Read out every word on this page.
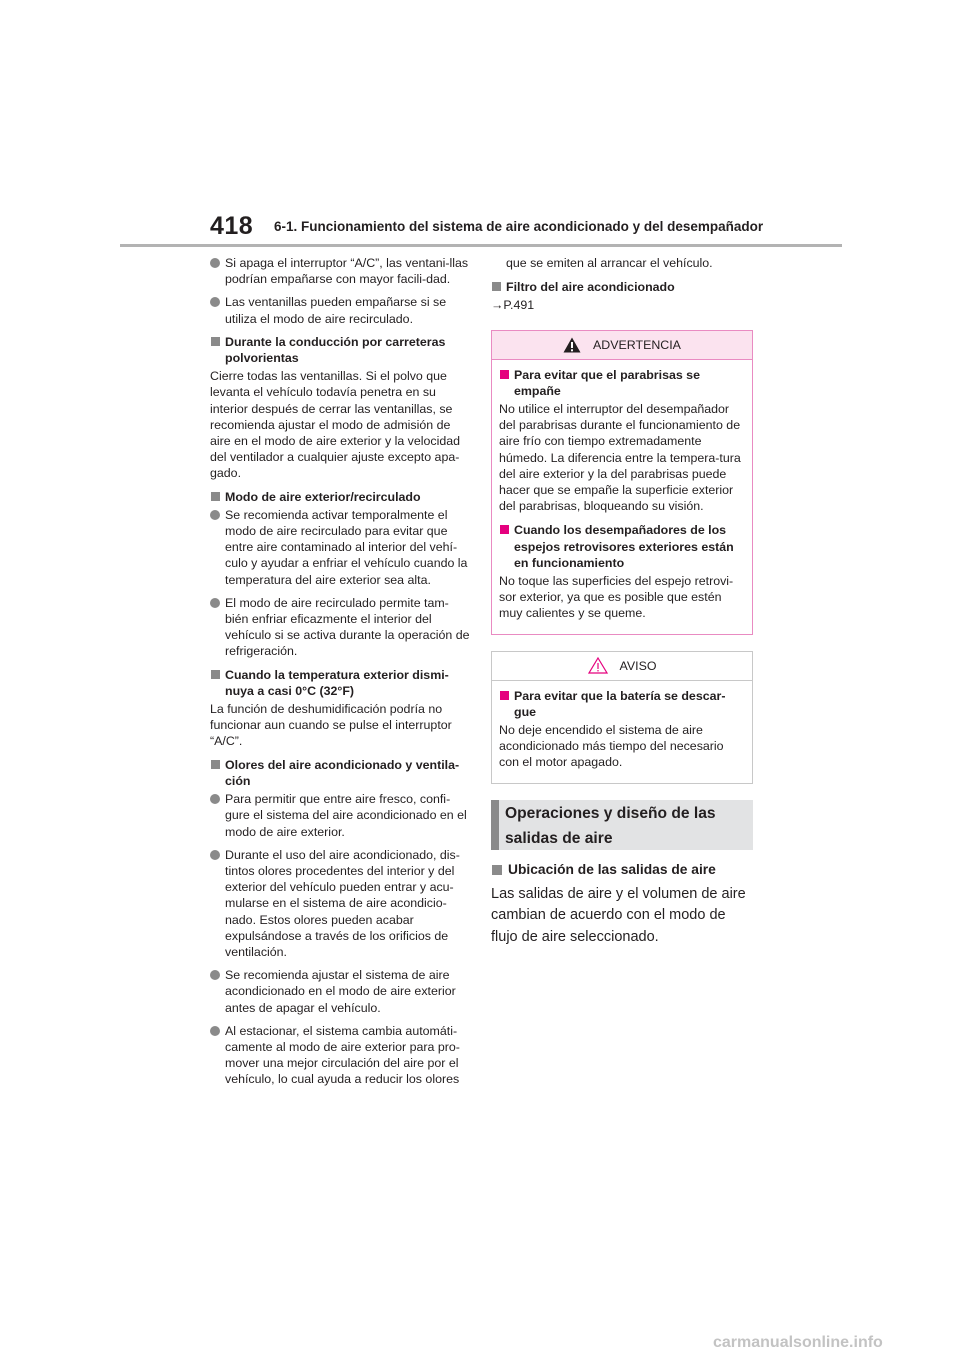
418 6-1. Funcionamiento del sistema de aire acondicionado y del desempañador
Si apaga el interruptor “A/C”, las ventani-llas podrían empañarse con mayor facili-dad.
Las ventanillas pueden empañarse si se utiliza el modo de aire recirculado.
Durante la conducción por carreteras polvorientas
Cierre todas las ventanillas. Si el polvo que levanta el vehículo todavía penetra en su interior después de cerrar las ventanillas, se recomienda ajustar el modo de admisión de aire en el modo de aire exterior y la velocidad del ventilador a cualquier ajuste excepto apa-gado.
Modo de aire exterior/recirculado
Se recomienda activar temporalmente el modo de aire recirculado para evitar que entre aire contaminado al interior del vehí-culo y ayudar a enfriar el vehículo cuando la temperatura del aire exterior sea alta.
El modo de aire recirculado permite tam-bién enfriar eficazmente el interior del vehículo si se activa durante la operación de refrigeración.
Cuando la temperatura exterior dismi-nuya a casi 0°C (32°F)
La función de deshumidificación podría no funcionar aun cuando se pulse el interruptor “A/C”.
Olores del aire acondicionado y ventila-ción
Para permitir que entre aire fresco, confi-gure el sistema del aire acondicionado en el modo de aire exterior.
Durante el uso del aire acondicionado, dis-tintos olores procedentes del interior y del exterior del vehículo pueden entrar y acu-mularse en el sistema de aire acondicio-nado. Estos olores pueden acabar expulsándose a través de los orificios de ventilación.
Se recomienda ajustar el sistema de aire acondicionado en el modo de aire exterior antes de apagar el vehículo.
Al estacionar, el sistema cambia automáti-camente al modo de aire exterior para pro-mover una mejor circulación del aire por el vehículo, lo cual ayuda a reducir los olores
que se emiten al arrancar el vehículo.
Filtro del aire acondicionado
→P.491
ADVERTENCIA
Para evitar que el parabrisas se empañe
No utilice el interruptor del desempañador del parabrisas durante el funcionamiento de aire frío con tiempo extremadamente húmedo. La diferencia entre la tempera-tura del aire exterior y la del parabrisas puede hacer que se empañe la superficie exterior del parabrisas, bloqueando su visión.
Cuando los desempañadores de los espejos retrovisores exteriores están en funcionamiento
No toque las superficies del espejo retrovi-sor exterior, ya que es posible que estén muy calientes y se queme.
AVISO
Para evitar que la batería se descar-gue
No deje encendido el sistema de aire acondicionado más tiempo del necesario con el motor apagado.
Operaciones y diseño de las salidas de aire
Ubicación de las salidas de aire
Las salidas de aire y el volumen de aire cambian de acuerdo con el modo de flujo de aire seleccionado.
carmanualsonline.info
